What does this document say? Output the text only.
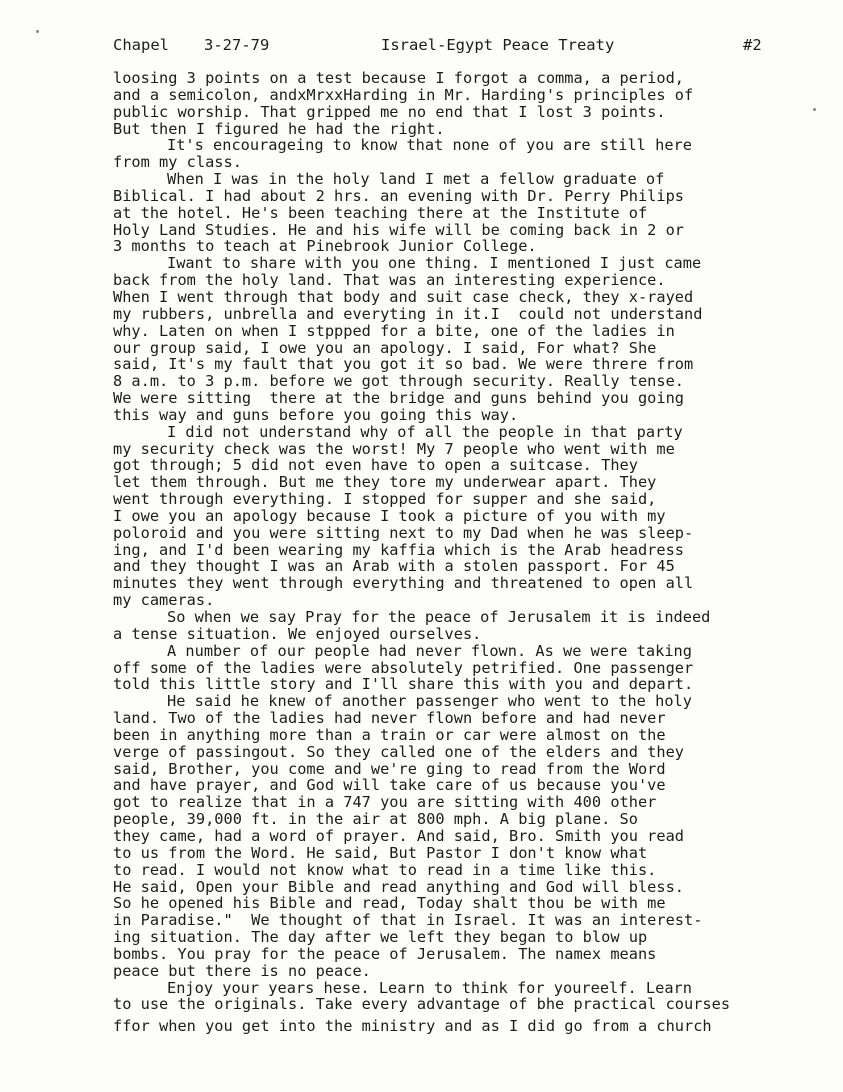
Chapel 3-27-79	Israel-Egypt Peace Treaty	#2
loosing 3 points on a test because I forgot a comma, a period,
and a semicolon, andxMrxxHarding in Mr. Harding's principles of
public worship. That gripped me no end that I lost 3 points.
But then I figured he had the right.
It's encourageing to know that none of you are still here
from my class.
When I was in the holy land I met a fellow graduate of
Biblical. I had about 2 hrs. an evening with Dr. Perry Philips
at the hotel. He's been teaching there at the Institute of
Holy Land Studies. He and his wife will be coming back in 2 or
3 months to teach at Pinebrook Junior College.
Iwant to share with you one thing. I mentioned I just came
back from the holy land. That was an interesting experience.
When I went through that body and suit case check, they x-rayed
my rubbers, unbrella and everyting in it.I  could not understand
why. Laten on when I stppped for a bite, one of the ladies in
our group said, I owe you an apology. I said, For what? She
said, It's my fault that you got it so bad. We were threre from
8 a.m. to 3 p.m. before we got through security. Really tense.
We were sitting  there at the bridge and guns behind you going
this way and guns before you going this way.
I did not understand why of all the people in that party
my security check was the worst! My 7 people who went with me
got through; 5 did not even have to open a suitcase. They
let them through. But me they tore my underwear apart. They
went through everything. I stopped for supper and she said,
I owe you an apology because I took a picture of you with my
poloroid and you were sitting next to my Dad when he was sleep-
ing, and I'd been wearing my kaffia which is the Arab headress
and they thought I was an Arab with a stolen passport. For 45
minutes they went through everything and threatened to open all
my cameras.
So when we say Pray for the peace of Jerusalem it is indeed
a tense situation. We enjoyed ourselves.
A number of our people had never flown. As we were taking
off some of the ladies were absolutely petrified. One passenger
told this little story and I'll share this with you and depart.
He said he knew of another passenger who went to the holy
land. Two of the ladies had never flown before and had never
been in anything more than a train or car were almost on the
verge of passingout. So they called one of the elders and they
said, Brother, you come and we're ging to read from the Word
and have prayer, and God will take care of us because you've
got to realize that in a 747 you are sitting with 400 other
people, 39,000 ft. in the air at 800 mph. A big plane. So
they came, had a word of prayer. And said, Bro. Smith you read
to us from the Word. He said, But Pastor I don't know what
to read. I would not know what to read in a time like this.
He said, Open your Bible and read anything and God will bless.
So he opened his Bible and read, Today shalt thou be with me
in Paradise."  We thought of that in Israel. It was an interest-
ing situation. The day after we left they began to blow up
bombs. You pray for the peace of Jerusalem. The namex means
peace but there is no peace.
Enjoy your years hese. Learn to think for youreelf. Learn
to use the originals. Take every advantage of bhe practical courses
ffor when you get into the ministry and as I did go from a church
